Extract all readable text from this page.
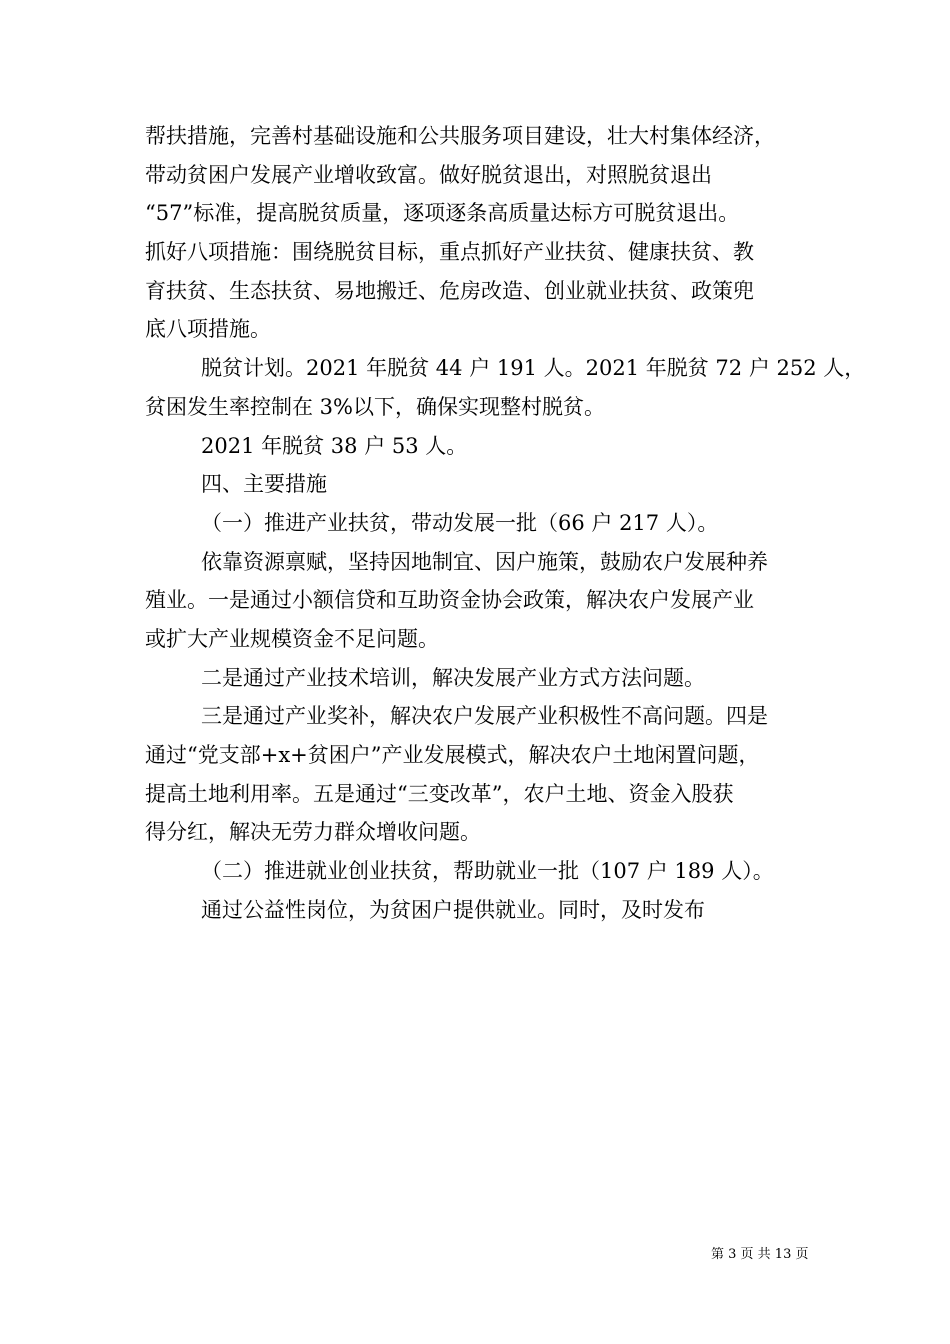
帮扶措施，完善村基础设施和公共服务项目建设，壮大村集体经济，
带动贫困户发展产业增收致富。做好脱贫退出，对照脱贫退出
“57”标准，提高脱贫质量，逐项逐条高质量达标方可脱贫退出。
抓好八项措施：围绕脱贫目标，重点抓好产业扶贫、健康扶贫、教
育扶贫、生态扶贫、易地搬迁、危房改造、创业就业扶贫、政策兜
底八项措施。
脱贫计划。2021 年脱贫 44 户 191 人。2021 年脱贫 72 户 252 人，
贫困发生率控制在 3%以下，确保实现整村脱贫。
2021 年脱贫 38 户 53 人。
四、主要措施
（一）推进产业扶贫，带动发展一批（66 户 217 人）。
依靠资源禀赋，坚持因地制宜、因户施策，鼓励农户发展种养
殖业。一是通过小额信贷和互助资金协会政策，解决农户发展产业
或扩大产业规模资金不足问题。
二是通过产业技术培训，解决发展产业方式方法问题。
三是通过产业奖补，解决农户发展产业积极性不高问题。四是
通过“党支部+x+贫困户”产业发展模式，解决农户土地闲置问题，
提高土地利用率。五是通过“三变改革”，农户土地、资金入股获
得分红，解决无劳力群众增收问题。
（二）推进就业创业扶贫，帮助就业一批（107 户 189 人）。
通过公益性岗位，为贫困户提供就业。同时，及时发布
第 3 页 共 13 页
